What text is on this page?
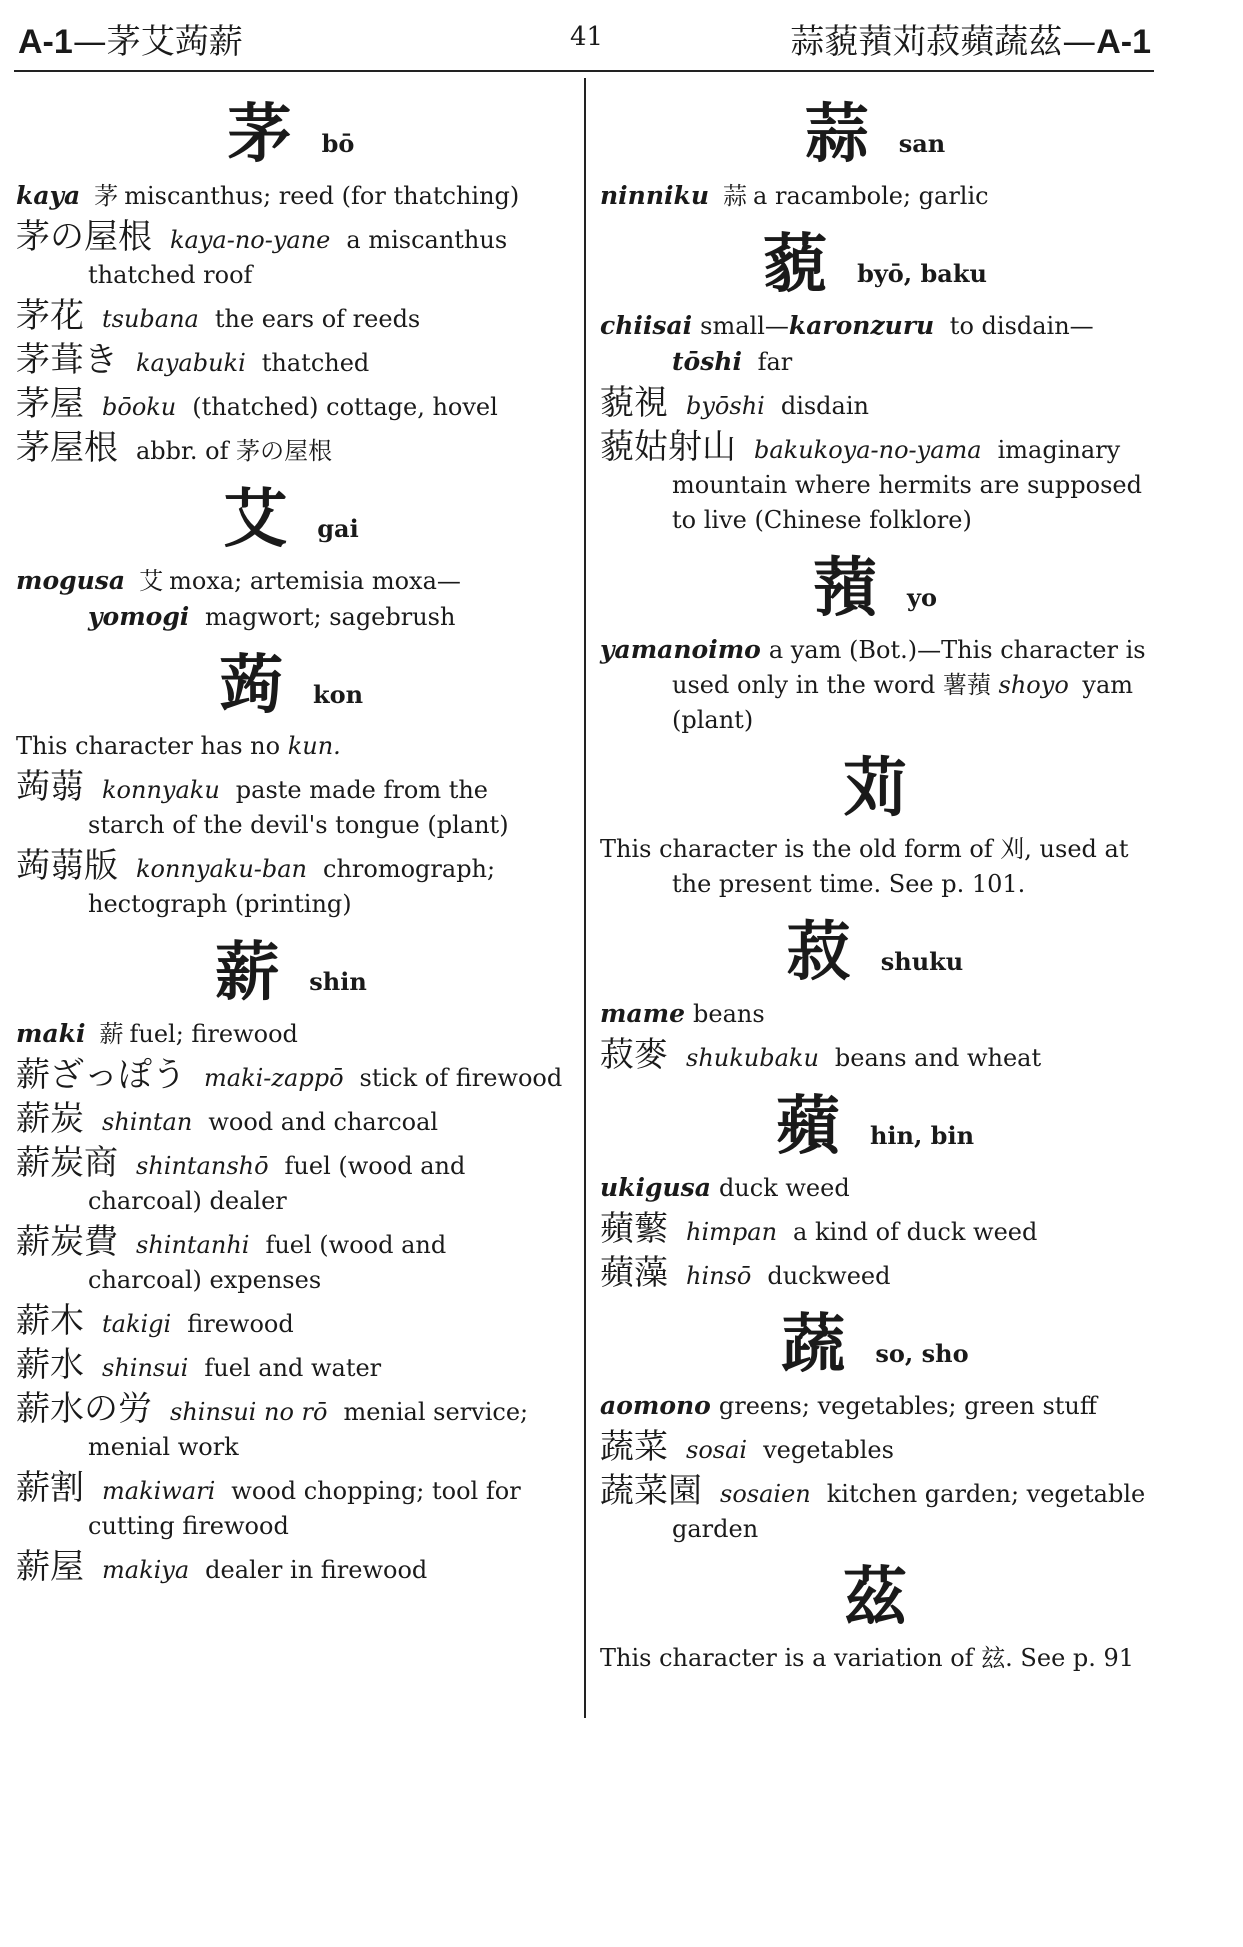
A-1—茅艾蒟薪	41	蒜藐蕷苅菽蘋蔬茲—A-1
茅 bō
kaya 茅 miscanthus; reed (for thatching)
茅の屋根 kaya-no-yane a miscanthus thatched roof
茅花 tsubana the ears of reeds
茅葺き kayabuki thatched
茅屋 bōoku (thatched) cottage, hovel
茅屋根 abbr. of 茅の屋根
艾 gai
mogusa 艾 moxa; artemisia moxa—yomogi magwort; sagebrush
蒟 kon
This character has no kun.
蒟蒻 konnyaku paste made from the starch of the devil's tongue (plant)
蒟蒻版 konnyaku-ban chromograph; hectograph (printing)
薪 shin
maki 薪 fuel; firewood
薪ざっぽう maki-zappō stick of firewood
薪炭 shintan wood and charcoal
薪炭商 shintanshō fuel (wood and charcoal) dealer
薪炭費 shintanhi fuel (wood and charcoal) expenses
薪木 takigi firewood
薪水 shinsui fuel and water
薪水の労 shinsui no rō menial service; menial work
薪割 makiwari wood chopping; tool for cutting firewood
薪屋 makiya dealer in firewood
蒜 san
ninniku 蒜 a racambole; garlic
藐 byō, baku
chiisai small—karonzuru to disdain—tōshi far
藐視 byōshi disdain
藐姑射山 bakukoya-no-yama imaginary mountain where hermits are supposed to live (Chinese folklore)
蕷 yo
yamanoimo a yam (Bot.)—This character is used only in the word 薯蕷 shoyo yam (plant)
苅
This character is the old form of 刈, used at the present time. See p. 101.
菽 shuku
mame beans
菽麥 shukubaku beans and wheat
蘋 hin, bin
ukigusa duck weed
蘋蘩 himpan a kind of duck weed
蘋藻 hinsō duckweed
蔬 so, sho
aomono greens; vegetables; green stuff
蔬菜 sosai vegetables
蔬菜園 sosaien kitchen garden; vegetable garden
茲
This character is a variation of 玆. See p. 91
